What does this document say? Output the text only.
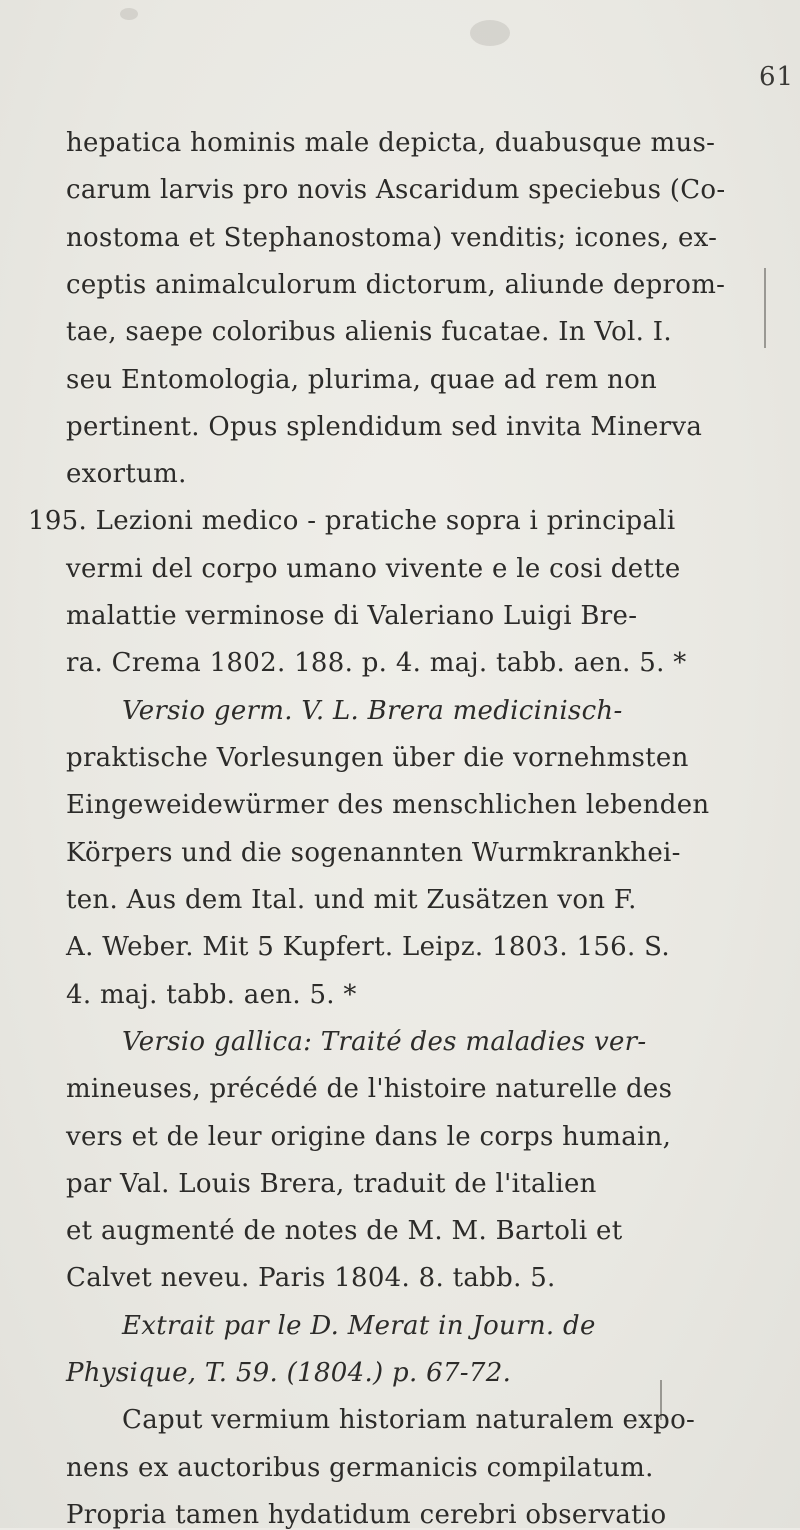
61
hepatica hominis male depicta, duabusque mus-
carum larvis pro novis Ascaridum speciebus (Co-
nostoma et Stephanostoma) venditis; icones, ex-
ceptis animalculorum dictorum, aliunde deprom-
tae, saepe coloribus alienis fucatae. In Vol. I.
seu Entomologia, plurima, quae ad rem non
pertinent. Opus splendidum sed invita Minerva
exortum.
195. Lezioni medico - pratiche sopra i principali
vermi del corpo umano vivente e le cosi dette
malattie verminose di Valeriano Luigi Bre-
ra. Crema 1802. 188. p. 4. maj. tabb. aen. 5. *
Versio germ. V. L. Brera medicinisch-
praktische Vorlesungen über die vornehmsten
Eingeweidewürmer des menschlichen lebenden
Körpers und die sogenannten Wurmkrankhei-
ten. Aus dem Ital. und mit Zusätzen von F.
A. Weber. Mit 5 Kupfert. Leipz. 1803. 156. S.
4. maj. tabb. aen. 5. *
Versio gallica: Traité des maladies ver-
mineuses, précédé de l'histoire naturelle des
vers et de leur origine dans le corps humain,
par Val. Louis Brera, traduit de l'italien
et augmenté de notes de M. M. Bartoli et
Calvet neveu. Paris 1804. 8. tabb. 5.
Extrait par le D. Merat in Journ. de
Physique, T. 59. (1804.) p. 67-72.
Caput vermium historiam naturalem expo-
nens ex auctoribus germanicis compilatum.
Propria tamen hydatidum cerebri observatio
